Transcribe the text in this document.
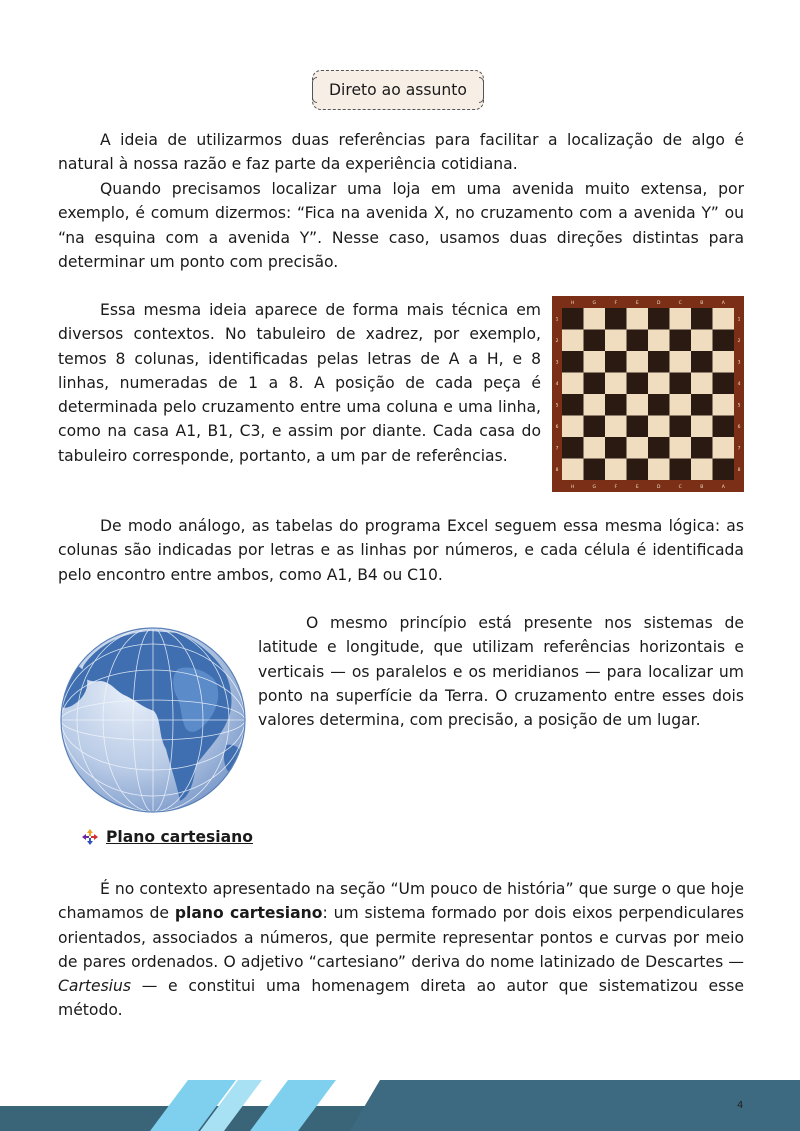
Direto ao assunto

A ideia de utilizarmos duas referências para facilitar a localização de algo é natural à nossa razão e faz parte da experiência cotidiana.

Quando precisamos localizar uma loja em uma avenida muito extensa, por exemplo, é comum dizermos: “Fica na avenida X, no cruzamento com a avenida Y” ou “na esquina com a avenida Y”. Nesse caso, usamos duas direções distintas para determinar um ponto com precisão.

Essa mesma ideia aparece de forma mais técnica em diversos contextos. No tabuleiro de xadrez, por exemplo, temos 8 colunas, identificadas pelas letras de A a H, e 8 linhas, numeradas de 1 a 8. A posição de cada peça é determinada pelo cruzamento entre uma coluna e uma linha, como na casa A1, B1, C3, e assim por diante. Cada casa do tabuleiro corresponde, portanto, a um par de referências.

H	G	F	E	D	C	B	A
H	G	F	E	D	C	B	A
1
2
3
4
5
6
7
8
1
2
3
4
5
6
7
8

De modo análogo, as tabelas do programa Excel seguem essa mesma lógica: as colunas são indicadas por letras e as linhas por números, e cada célula é identificada pelo encontro entre ambos, como A1, B4 ou C10.

O mesmo princípio está presente nos sistemas de latitude e longitude, que utilizam referências horizontais e verticais — os paralelos e os meridianos — para localizar um ponto na superfície da Terra. O cruzamento entre esses dois valores determina, com precisão, a posição de um lugar.

Plano cartesiano

É no contexto apresentado na seção “Um pouco de história” que surge o que hoje chamamos de plano cartesiano: um sistema formado por dois eixos perpendiculares orientados, associados a números, que permite representar pontos e curvas por meio de pares ordenados. O adjetivo “cartesiano” deriva do nome latinizado de Descartes — Cartesius — e constitui uma homenagem direta ao autor que sistematizou esse método.

4
